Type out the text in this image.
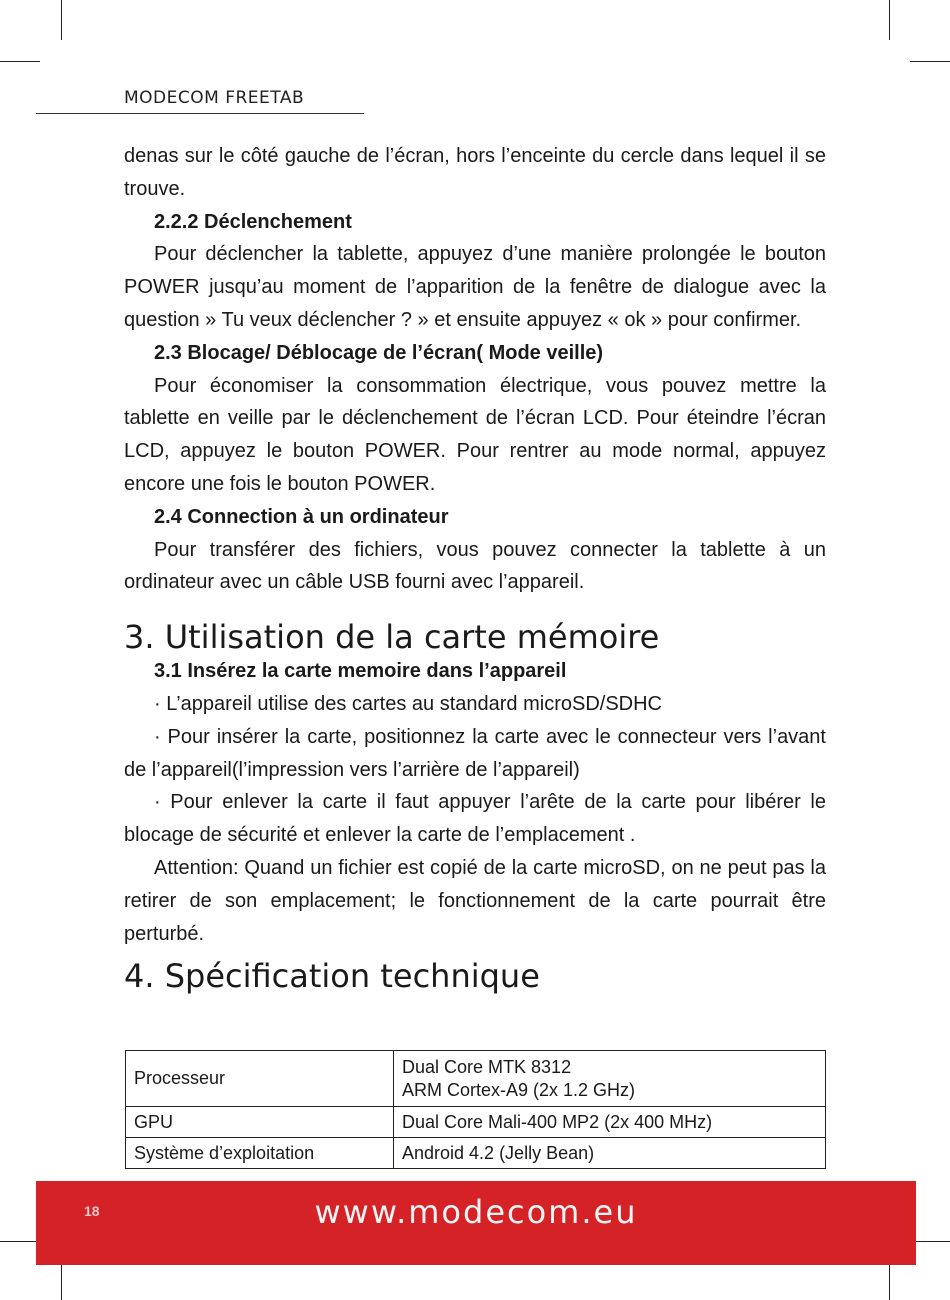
MODECOM FREETAB

denas sur le côté gauche de l’écran, hors l’enceinte du cercle dans lequel il se trouve.

2.2.2 Déclenchement

Pour déclencher la tablette, appuyez d’une manière prolongée le bouton POWER jusqu’au moment de l’apparition de la fenêtre de dialogue avec la question » Tu veux déclencher ? » et ensuite appuyez « ok » pour confirmer.

2.3 Blocage/ Déblocage de l’écran( Mode veille)

Pour économiser la consommation électrique, vous pouvez mettre la tablette en veille par le déclenchement de l’écran LCD. Pour éteindre l’écran LCD, appuyez le bouton POWER. Pour rentrer au mode normal, appuyez encore une fois le bouton POWER.

2.4 Connection à un ordinateur

Pour transférer des fichiers, vous pouvez connecter la tablette à un ordinateur avec un câble USB fourni avec l’appareil.

3. Utilisation de la carte mémoire

3.1 Insérez la carte memoire dans l’appareil

· L’appareil utilise des cartes au standard microSD/SDHC

· Pour insérer la carte, positionnez la carte avec le connecteur vers l’avant de l’appareil(l’impression vers l’arrière de l’appareil)

· Pour enlever la carte il faut appuyer l’arête de la carte pour libérer le blocage de sécurité et enlever la carte de l’emplacement .

Attention: Quand un fichier est copié de la carte microSD, on ne peut pas la retirer de son emplacement; le fonctionnement de la carte pourrait être perturbé.

4. Spécification technique

Processeur	Dual Core MTK 8312
ARM Cortex-A9 (2x 1.2 GHz)

GPU	Dual Core Mali-400 MP2 (2x 400 MHz)
Système d’exploitation	Android 4.2 (Jelly Bean)
18	www.modecom.eu
